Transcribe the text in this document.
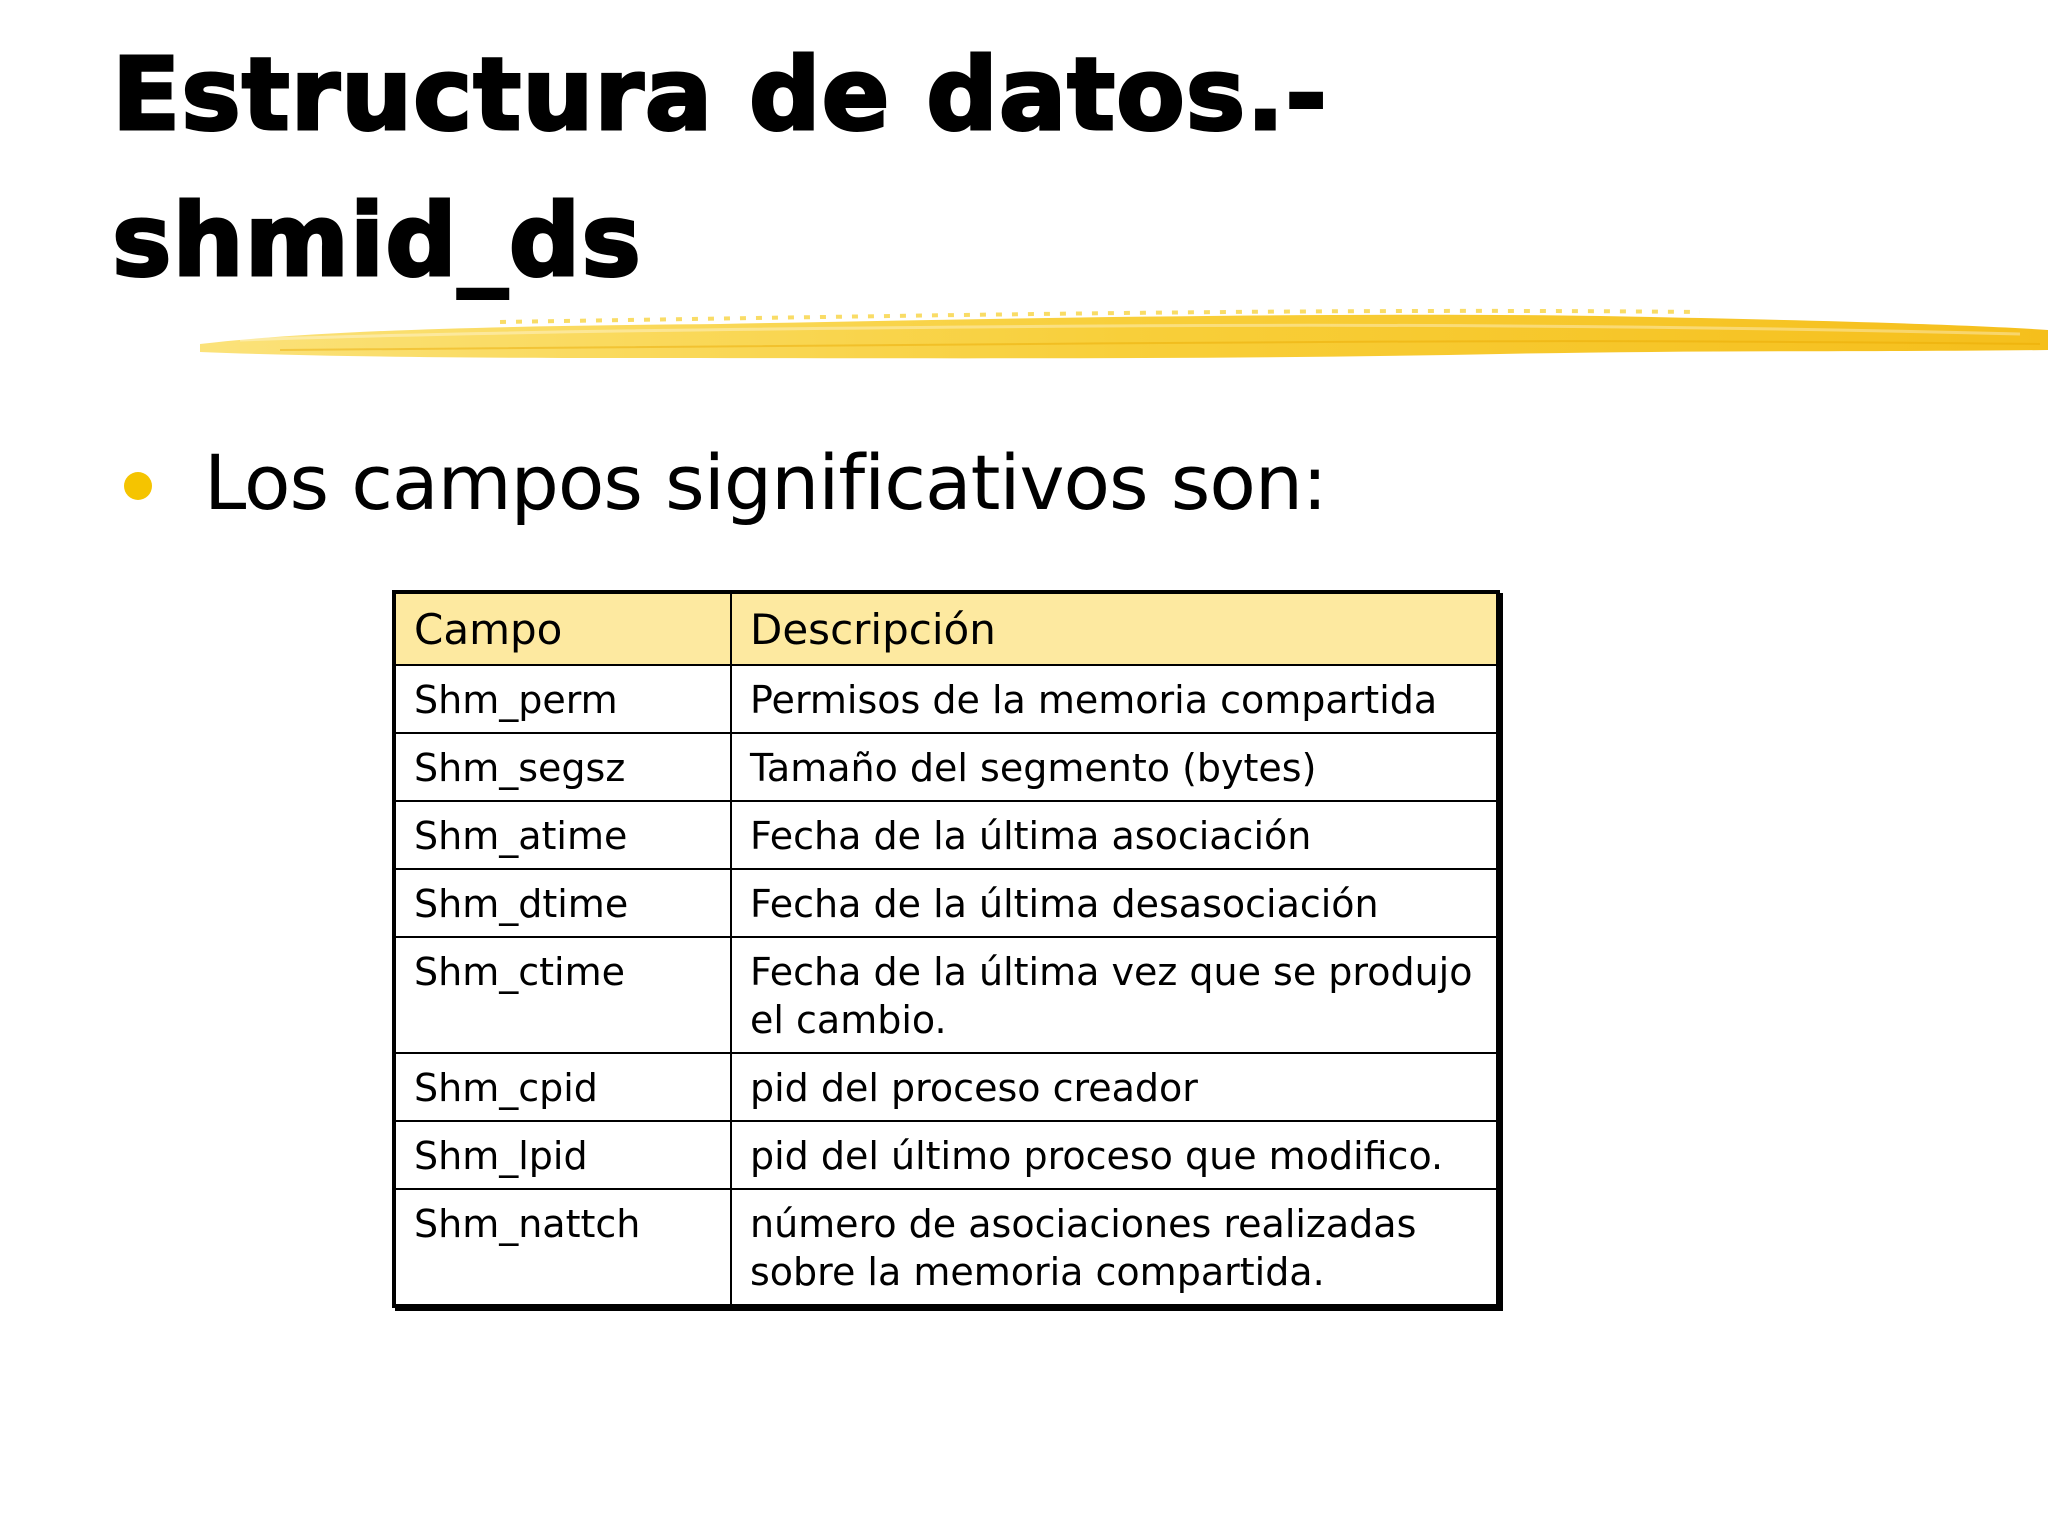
Estructura de datos.-
shmid_ds
Los campos significativos son:
Campo	Descripción
Shm_perm	Permisos de la memoria compartida
Shm_segsz	Tamaño del segmento (bytes)
Shm_atime	Fecha de la última asociación
Shm_dtime	Fecha de la última desasociación
Shm_ctime	Fecha de la última vez que se produjo el cambio.
Shm_cpid	pid del proceso creador
Shm_lpid	pid del último proceso que modifico.
Shm_nattch	número de asociaciones realizadas sobre la memoria compartida.
